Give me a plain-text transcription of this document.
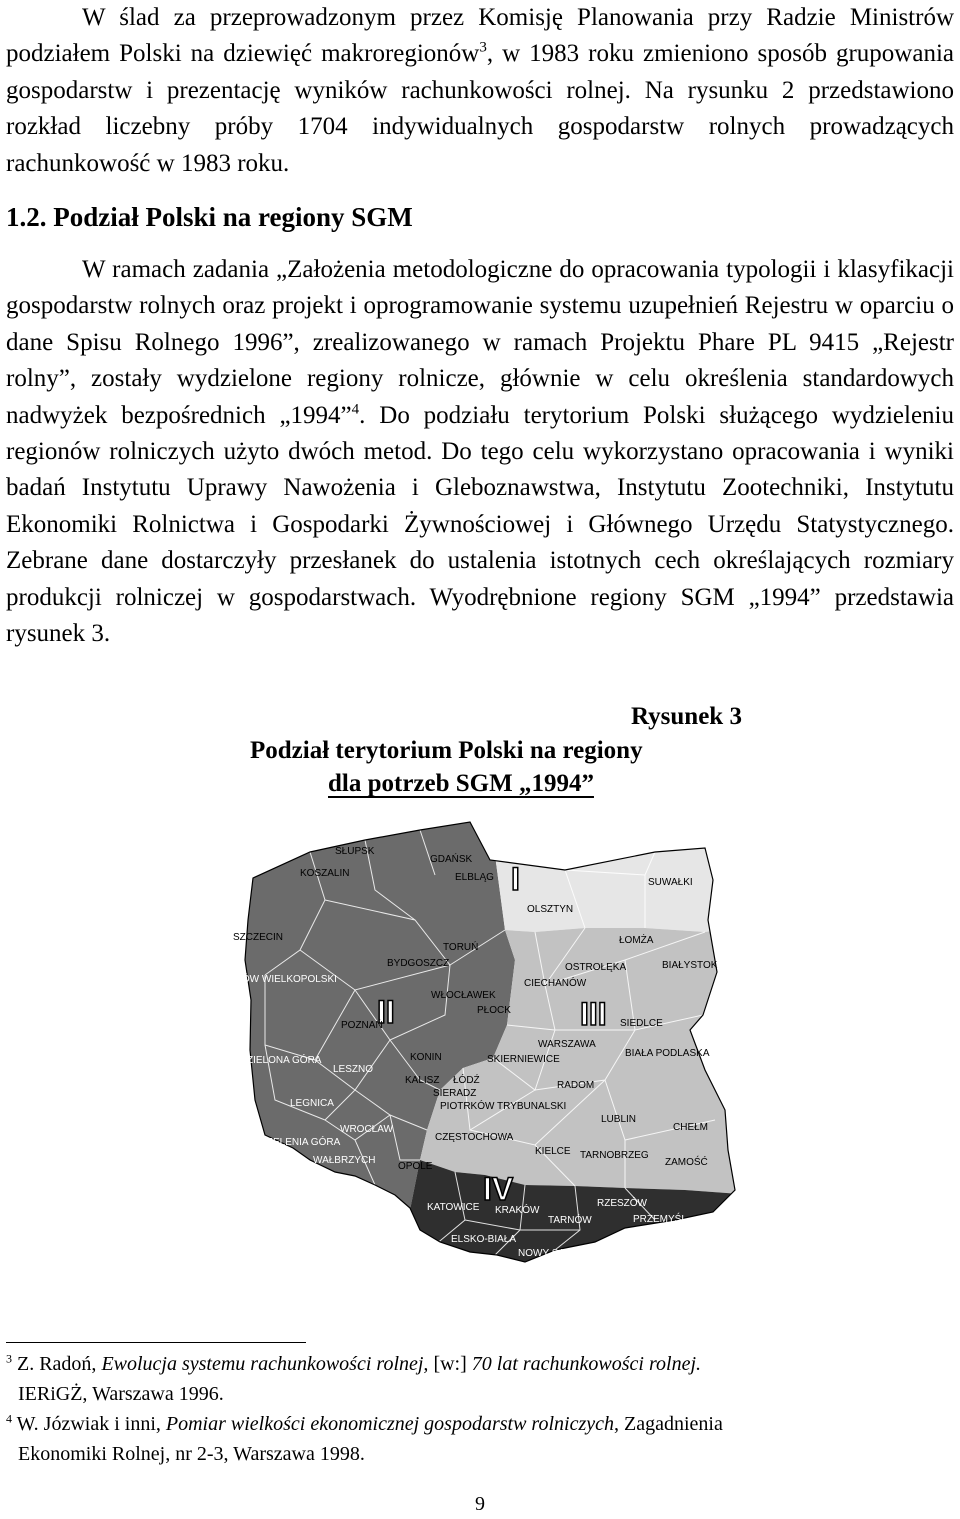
W ślad za przeprowadzonym przez Komisję Planowania przy Radzie Ministrów podziałem Polski na dziewięć makroregionów$^3$, w 1983 roku zmieniono sposób grupowania gospodarstw i prezentację wyników rachunkowości rolnej. Na rysunku 2 przedstawiono rozkład liczebny próby 1704 indywidualnych gospodarstw rolnych prowadzących rachunkowość w 1983 roku.

1.2. Podział Polski na regiony SGM

W ramach zadania „Założenia metodologiczne do opracowania typologii i klasyfikacji gospodarstw rolnych oraz projekt i oprogramowanie systemu uzupełnień Rejestru w oparciu o dane Spisu Rolnego 1996”, zrealizowanego w ramach Projektu Phare PL 9415 „Rejestr rolny”, zostały wydzielone regiony rolnicze, głównie w celu określenia standardowych nadwyżek bezpośrednich „1994”$^4$. Do podziału terytorium Polski służącego wydzieleniu regionów rolniczych użyto dwóch metod. Do tego celu wykorzystano opracowania i wyniki badań Instytutu Uprawy Nawożenia i Gleboznawstwa, Instytutu Zootechniki, Instytutu Ekonomiki Rolnictwa i Gospodarki Żywnościowej i Głównego Urzędu Statystycznego. Zebrane dane dostarczyły przesłanek do ustalenia istotnych cech określających rozmiary produkcji rolniczej w gospodarstwach. Wyodrębnione regiony SGM „1994” przedstawia rysunek 3.

Rysunek 3

Podział terytorium Polski na regiony

dla potrzeb SGM „1994”

I
II	III
IV
SŁUPSK
GDAŃSK
KOSZALIN	ELBLĄG	SUWAŁKI
OLSZTYN
SZCZECIN
TORUŃ
ŁOMŻA
BYDGOSZCZ	OSTROŁĘKA	BIAŁYSTOK
CIECHANÓW
GORZÓW WIELKOPOLSKI
WŁOCŁAWEK
PŁOCK
POZNAŃ	SIEDLCE
WARSZAWA
ZIELONA GÓRA	KONIN	BIAŁA PODLASKA
SKIERNIEWICE
LESZNO
KALISZ ŁÓDŹ
SIERADZ
RADOM
LEGNICA	PIOTRKÓW TRYBUNALSKI
WROCŁAW
LUBLIN
CHEŁM
CZĘSTOCHOWA
JELENIA GÓRA
KIELCE TARNOBRZEG
WAŁBRZYCH	ZAMOŚĆ
OPOLE
KATOWICE	RZESZÓW
KRAKÓW
PRZEMYŚL
TARNÓW
ELSKO-BIAŁA
KROSNO
NOWY SĄCZ

$^3$ Z. Radoń, Ewolucja systemu rachunkowości rolnej, [w:] 70 lat rachunkowości rolnej.
IERiGŻ, Warszawa 1996.

$^4$ W. Józwiak i inni, Pomiar wielkości ekonomicznej gospodarstw rolniczych, Zagadnienia
Ekonomiki Rolnej, nr 2-3, Warszawa 1998.

9
